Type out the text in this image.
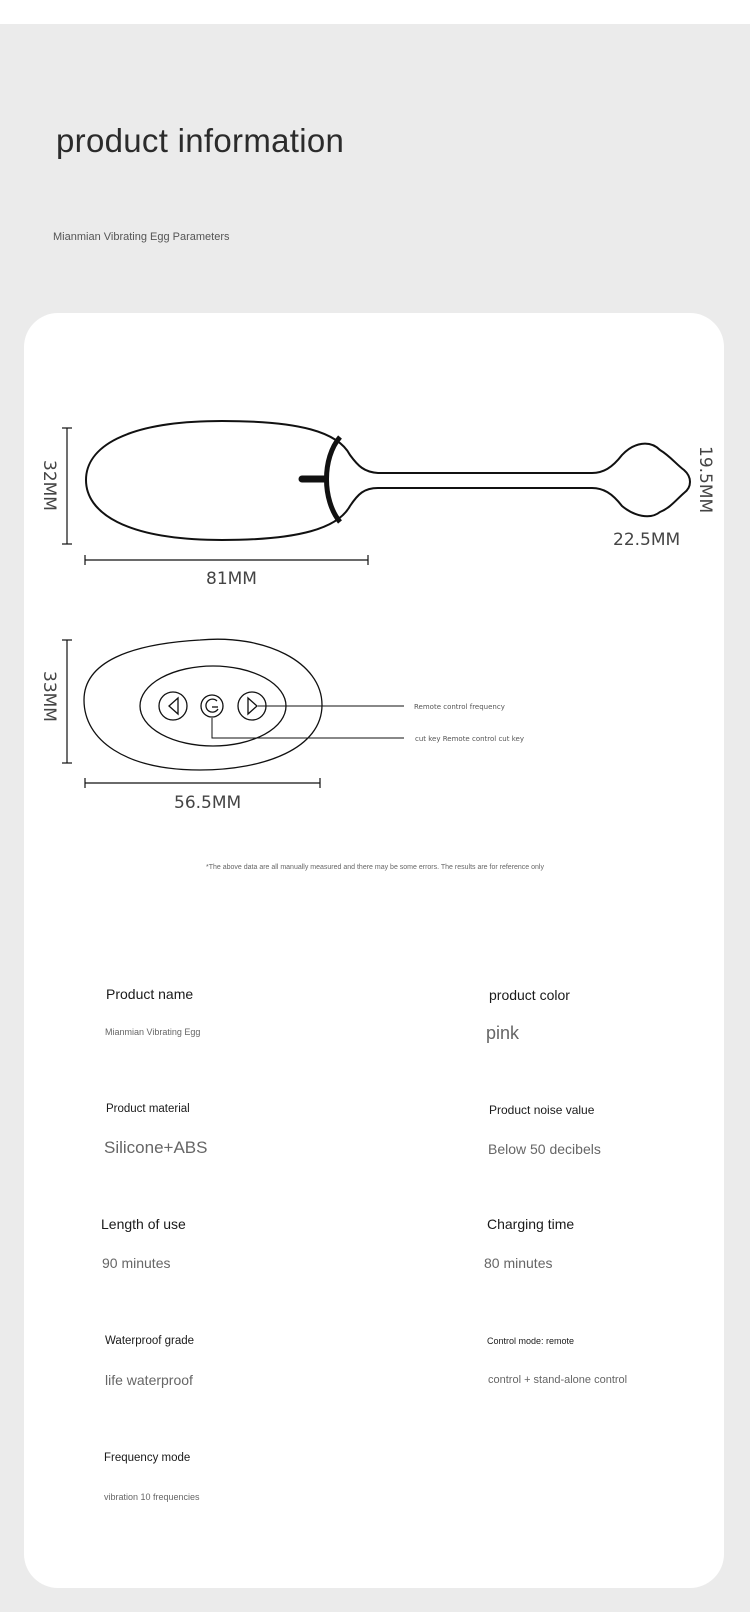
product information
Mianmian Vibrating Egg Parameters
32MM
81MM
22.5MM
19.5MM
33MM
56.5MM
Remote control frequency
cut key Remote control cut key
*The above data are all manually measured and there may be some errors. The results are for reference only
Product name
Mianmian Vibrating Egg
product color
pink
Product material
Silicone+ABS
Product noise value
Below 50 decibels
Length of use
90 minutes
Charging time
80 minutes
Waterproof grade
life waterproof
Control mode: remote
control + stand-alone control
Frequency mode
vibration 10 frequencies
